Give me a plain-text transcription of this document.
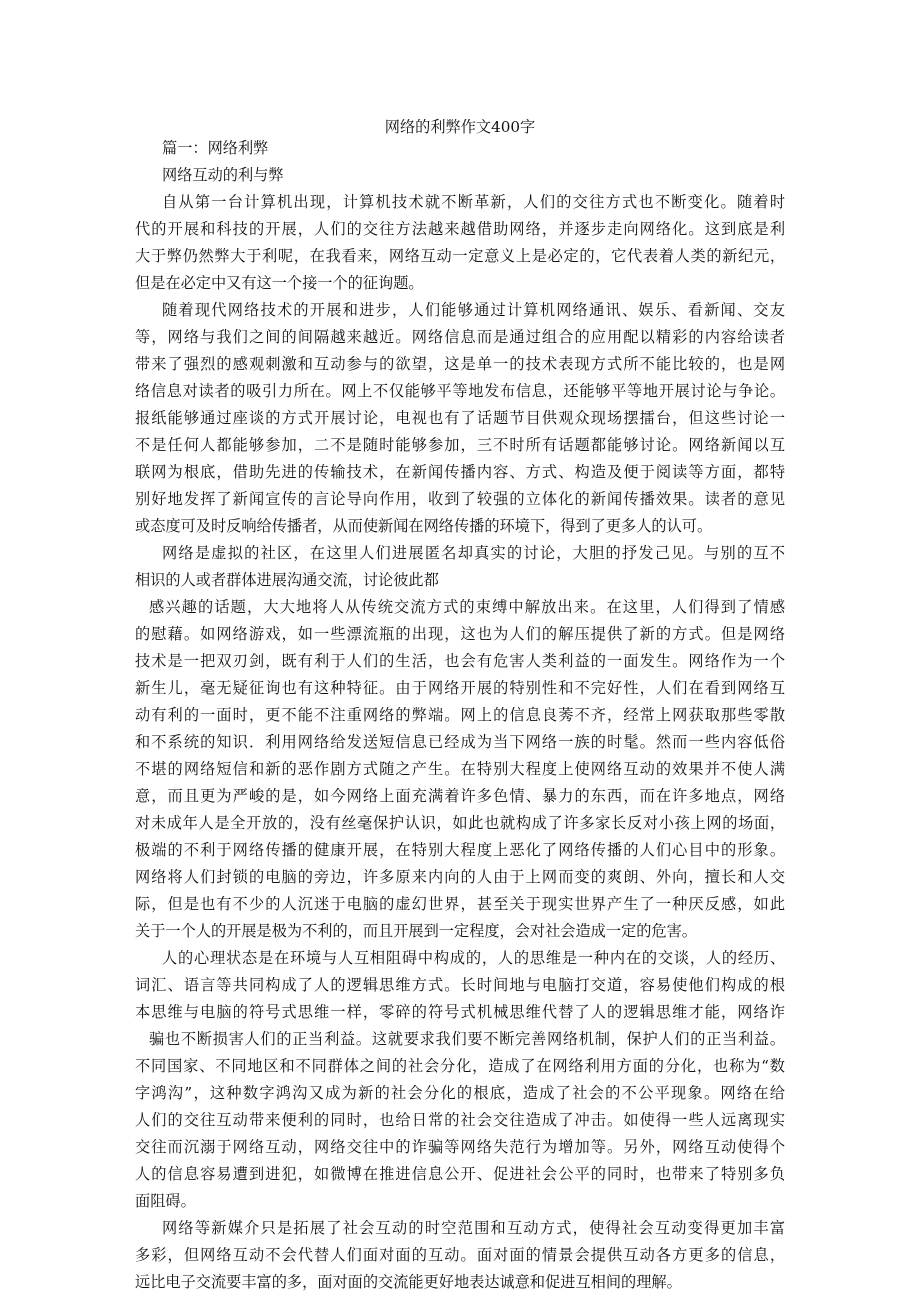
网络的利弊作文400字
篇一：网络利弊
网络互动的利与弊
自从第一台计算机出现，计算机技术就不断革新，人们的交往方式也不断变化。随着时
代的开展和科技的开展，人们的交往方法越来越借助网络，并逐步走向网络化。这到底是利
大于弊仍然弊大于利呢，在我看来，网络互动一定意义上是必定的，它代表着人类的新纪元，
但是在必定中又有这一个接一个的征询题。
随着现代网络技术的开展和进步，人们能够通过计算机网络通讯、娱乐、看新闻、交友
等，网络与我们之间的间隔越来越近。网络信息而是通过组合的应用配以精彩的内容给读者
带来了强烈的感观刺激和互动参与的欲望，这是单一的技术表现方式所不能比较的，也是网
络信息对读者的吸引力所在。网上不仅能够平等地发布信息，还能够平等地开展讨论与争论。
报纸能够通过座谈的方式开展讨论，电视也有了话题节目供观众现场摆擂台，但这些讨论一
不是任何人都能够参加，二不是随时能够参加，三不时所有话题都能够讨论。网络新闻以互
联网为根底，借助先进的传输技术，在新闻传播内容、方式、构造及便于阅读等方面，都特
别好地发挥了新闻宣传的言论导向作用，收到了较强的立体化的新闻传播效果。读者的意见
或态度可及时反响给传播者，从而使新闻在网络传播的环境下，得到了更多人的认可。
网络是虚拟的社区，在这里人们进展匿名却真实的讨论，大胆的抒发己见。与别的互不
相识的人或者群体进展沟通交流，讨论彼此都
感兴趣的话题，大大地将人从传统交流方式的束缚中解放出来。在这里，人们得到了情感
的慰藉。如网络游戏，如一些漂流瓶的出现，这也为人们的解压提供了新的方式。但是网络
技术是一把双刃剑，既有利于人们的生活，也会有危害人类利益的一面发生。网络作为一个
新生儿，毫无疑征询也有这种特征。由于网络开展的特别性和不完好性，人们在看到网络互
动有利的一面时，更不能不注重网络的弊端。网上的信息良莠不齐，经常上网获取那些零散
和不系统的知识．利用网络给发送短信息已经成为当下网络一族的时髦。然而一些内容低俗
不堪的网络短信和新的恶作剧方式随之产生。在特别大程度上使网络互动的效果并不使人满
意，而且更为严峻的是，如今网络上面充满着许多色情、暴力的东西，而在许多地点，网络
对未成年人是全开放的，没有丝毫保护认识，如此也就构成了许多家长反对小孩上网的场面，
极端的不利于网络传播的健康开展，在特别大程度上恶化了网络传播的人们心目中的形象。
网络将人们封锁的电脑的旁边，许多原来内向的人由于上网而变的爽朗、外向，擅长和人交
际，但是也有不少的人沉迷于电脑的虚幻世界，甚至关于现实世界产生了一种厌反感，如此
关于一个人的开展是极为不利的，而且开展到一定程度，会对社会造成一定的危害。
人的心理状态是在环境与人互相阻碍中构成的，人的思维是一种内在的交谈，人的经历、
词汇、语言等共同构成了人的逻辑思维方式。长时间地与电脑打交道，容易使他们构成的根
本思维与电脑的符号式思维一样，零碎的符号式机械思维代替了人的逻辑思维才能，网络诈
骗也不断损害人们的正当利益。这就要求我们要不断完善网络机制，保护人们的正当利益。
不同国家、不同地区和不同群体之间的社会分化，造成了在网络利用方面的分化，也称为“数
字鸿沟”，这种数字鸿沟又成为新的社会分化的根底，造成了社会的不公平现象。网络在给
人们的交往互动带来便利的同时，也给日常的社会交往造成了冲击。如使得一些人远离现实
交往而沉溺于网络互动，网络交往中的诈骗等网络失范行为增加等。另外，网络互动使得个
人的信息容易遭到进犯，如微博在推进信息公开、促进社会公平的同时，也带来了特别多负
面阻碍。
网络等新媒介只是拓展了社会互动的时空范围和互动方式，使得社会互动变得更加丰富
多彩，但网络互动不会代替人们面对面的互动。面对面的情景会提供互动各方更多的信息，
远比电子交流要丰富的多，面对面的交流能更好地表达诚意和促进互相间的理解。
